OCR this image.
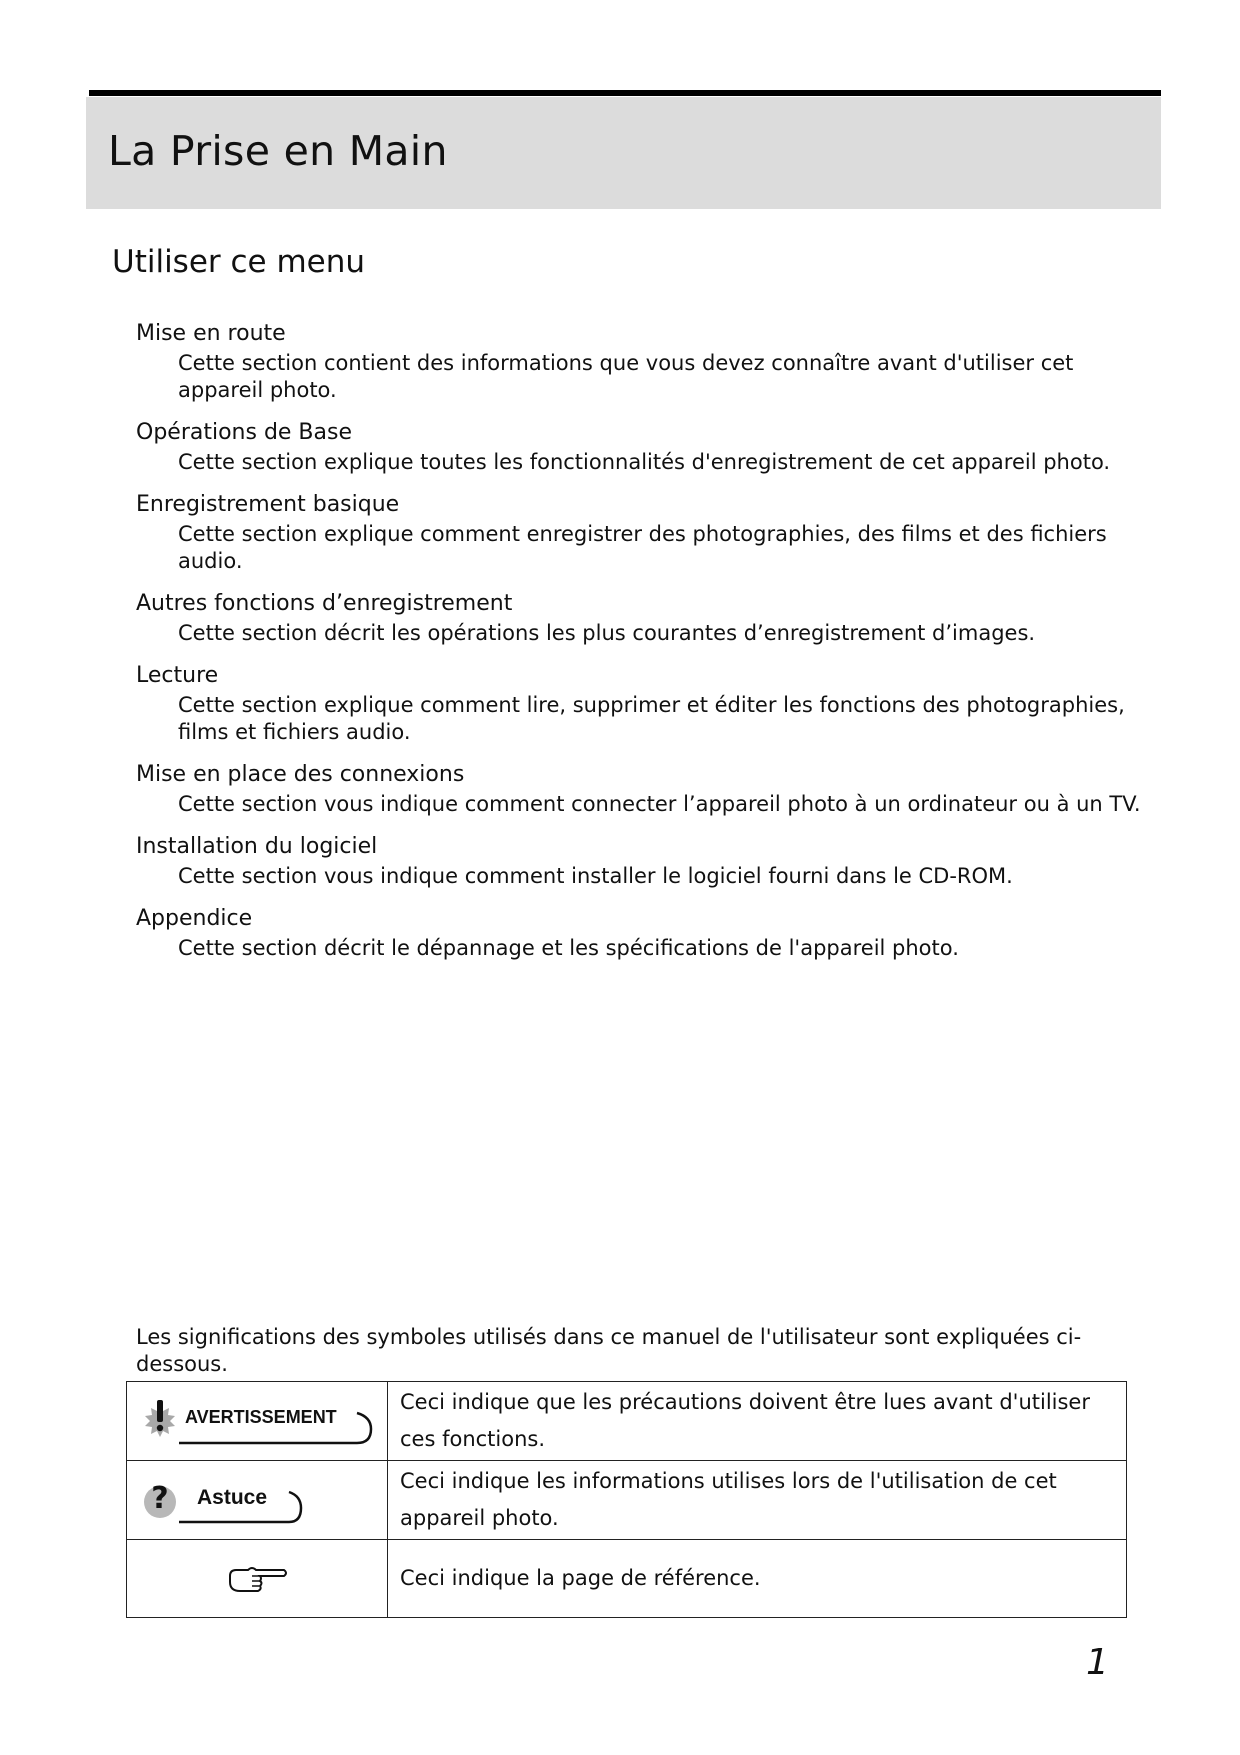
La Prise en Main
Utiliser ce menu
Mise en route
Cette section contient des informations que vous devez connaître avant d'utiliser cet appareil photo.
Opérations de Base
Cette section explique toutes les fonctionnalités d'enregistrement de cet appareil photo.
Enregistrement basique
Cette section explique comment enregistrer des photographies, des films et des fichiers audio.
Autres fonctions d’enregistrement
Cette section décrit les opérations les plus courantes d’enregistrement d’images.
Lecture
Cette section explique comment lire, supprimer et éditer les fonctions des photographies, films et fichiers audio.
Mise en place des connexions
Cette section vous indique comment connecter l’appareil photo à un ordinateur ou à un TV.
Installation du logiciel
Cette section vous indique comment installer le logiciel fourni dans le CD-ROM.
Appendice
Cette section décrit le dépannage et les spécifications de l'appareil photo.

Les significations des symboles utilisés dans ce manuel de l'utilisateur sont expliquées ci-dessous.

AVERTISSEMENT	Ceci indique que les précautions doivent être lues avant d'utiliser ces fonctions.

? Astuce	Ceci indique les informations utilises lors de l'utilisation de cet appareil photo.

	Ceci indique la page de référence.

1
